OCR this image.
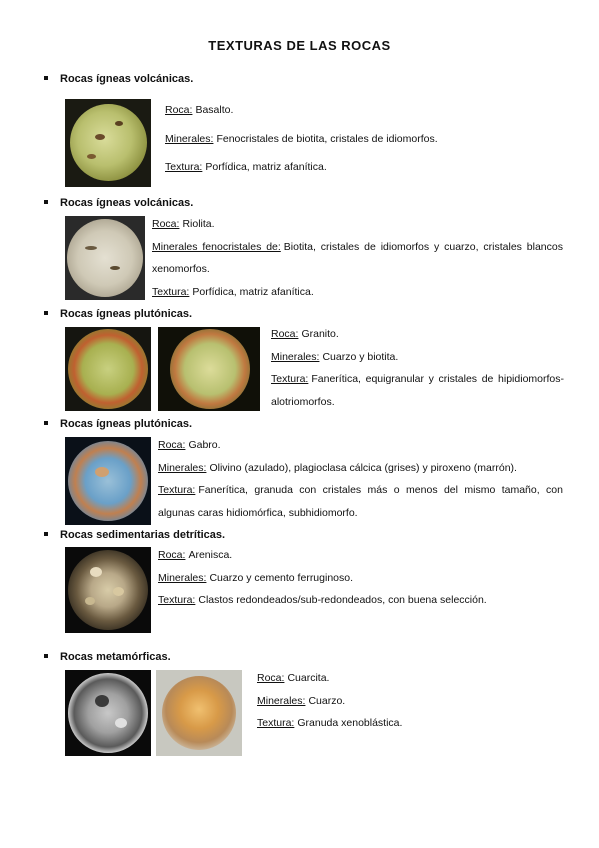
TEXTURAS DE LAS ROCAS
Rocas ígneas volcánicas.
Roca: Basalto.
Minerales: Fenocristales de biotita, cristales de idiomorfos.
Textura: Porfídica, matriz afanítica.
Rocas ígneas volcánicas.
Roca: Riolita.
Minerales fenocristales de: Biotita, cristales de idiomorfos y cuarzo, cristales blancos xenomorfos.
Textura: Porfídica, matriz afanítica.
Rocas ígneas plutónicas.
Roca: Granito.
Minerales: Cuarzo y biotita.
Textura: Fanerítica, equigranular y cristales de hipidiomorfos-alotriomorfos.
Rocas ígneas plutónicas.
Roca: Gabro.
Minerales: Olivino (azulado), plagioclasa cálcica (grises) y piroxeno (marrón).
Textura: Fanerítica, granuda con cristales más o menos del mismo tamaño, con algunas caras hidiomórfica, subhidiomorfo.
Rocas sedimentarias detríticas.
Roca: Arenisca.
Minerales: Cuarzo y cemento ferruginoso.
Textura: Clastos redondeados/sub-redondeados, con buena selección.
Rocas metamórficas.
Roca: Cuarcita.
Minerales: Cuarzo.
Textura: Granuda xenoblástica.
